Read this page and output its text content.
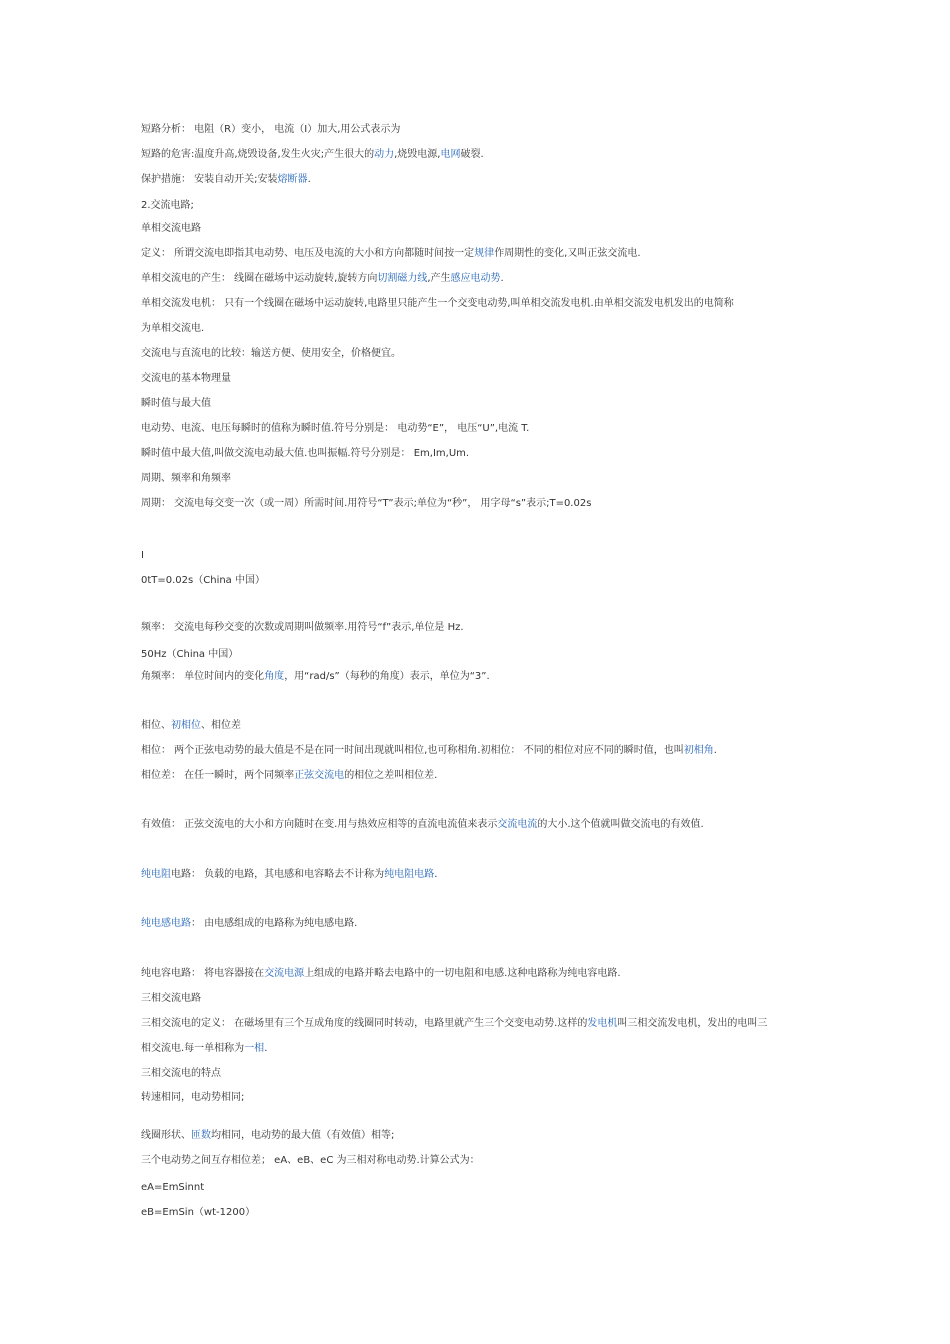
短路分析： 电阻（R）变小， 电流（I）加大,用公式表示为
短路的危害:温度升高,烧毁设备,发生火灾;产生很大的动力,烧毁电源,电网破裂.
保护措施： 安装自动开关;安装熔断器.
2.交流电路;
单相交流电路
定义： 所谓交流电即指其电动势、电压及电流的大小和方向都随时间按一定规律作周期性的变化,又叫正弦交流电.
单相交流电的产生： 线圈在磁场中运动旋转,旋转方向切割磁力线,产生感应电动势.
单相交流发电机： 只有一个线圈在磁场中运动旋转,电路里只能产生一个交变电动势,叫单相交流发电机.由单相交流发电机发出的电简称
为单相交流电.
交流电与直流电的比较：输送方便、使用安全，价格便宜。
交流电的基本物理量
瞬时值与最大值
电动势、电流、电压每瞬时的值称为瞬时值.符号分别是： 电动势“E”， 电压“U”,电流 T.
瞬时值中最大值,叫做交流电动最大值.也叫振幅.符号分别是： Em,Im,Um.
周期、频率和角频率
周期： 交流电每交变一次（或一周）所需时间.用符号“T”表示;单位为“秒”， 用字母“s”表示;T=0.02s
I
0tT=0.02s（China 中国）
频率： 交流电每秒交变的次数或周期叫做频率.用符号“f”表示,单位是 Hz.
50Hz（China 中国）
角频率： 单位时间内的变化角度，用“rad/s”（每秒的角度）表示，单位为“3”.
相位、初相位、相位差
相位： 两个正弦电动势的最大值是不是在同一时间出现就叫相位,也可称相角.初相位： 不同的相位对应不同的瞬时值，也叫初相角.
相位差： 在任一瞬时，两个同频率正弦交流电的相位之差叫相位差.
有效值： 正弦交流电的大小和方向随时在变.用与热效应相等的直流电流值来表示交流电流的大小.这个值就叫做交流电的有效值.
纯电阻电路： 负载的电路，其电感和电容略去不计称为纯电阻电路.
纯电感电路： 由电感组成的电路称为纯电感电路.
纯电容电路： 将电容器接在交流电源上组成的电路并略去电路中的一切电阻和电感.这种电路称为纯电容电路.
三相交流电路
三相交流电的定义： 在磁场里有三个互成角度的线圈同时转动，电路里就产生三个交变电动势.这样的发电机叫三相交流发电机，发出的电叫三
相交流电.每一单相称为一相.
三相交流电的特点
转速相同，电动势相同;
线圈形状、匝数均相同，电动势的最大值（有效值）相等;
三个电动势之间互存相位差； eA、eB、eC 为三相对称电动势.计算公式为：
eA=EmSinnt
eB=EmSin（wt-1200）
